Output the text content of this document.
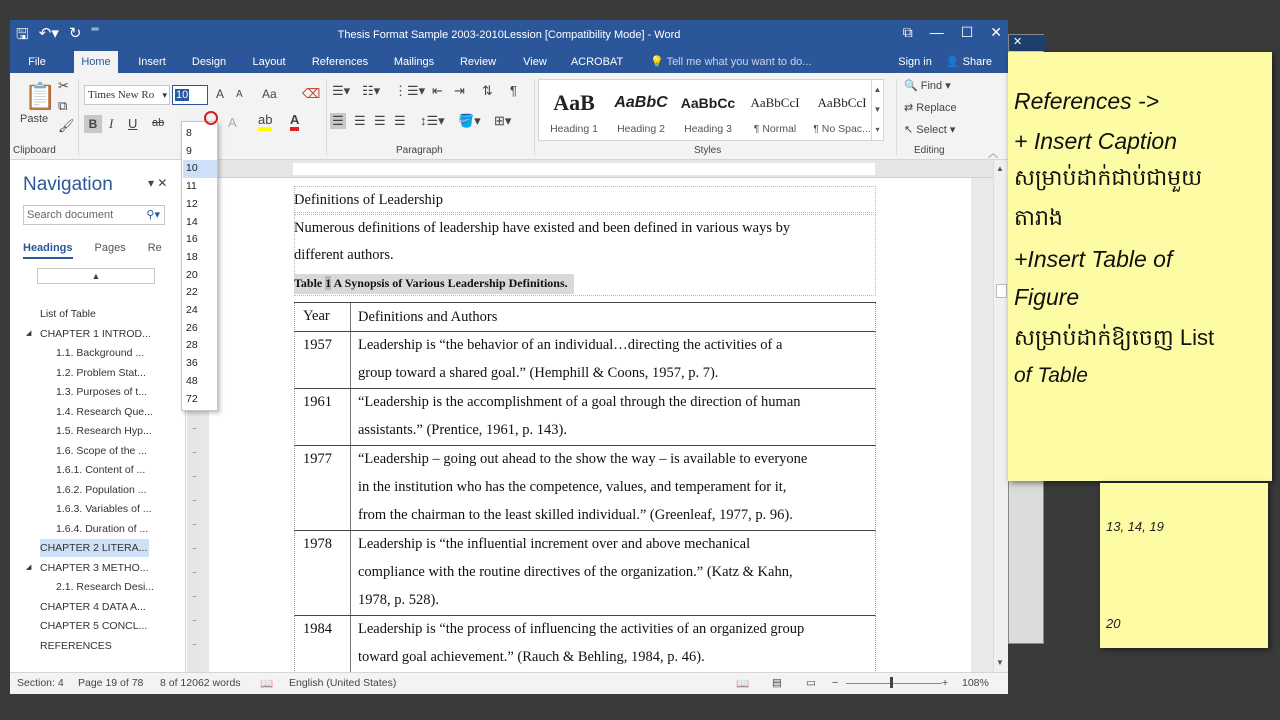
✕
🖫 ↶▾ ↻ ═	Thesis Format Sample 2003-2010Lession [Compatibility Mode] - Word	⧉ — ☐ ✕
File	Home	Insert	Design	Layout	References	Mailings	Review	View	ACROBAT	💡 Tell me what you want to do...	Sign in 👤 Share
📋
Paste
✂
⧉
🖌
Clipboard
Times New Ro ▾ 10	A A Aa ⌫
B I U ab	A ab A
☰▾ ☷▾ ⋮☰▾ ⇤ ⇥ ⇅ ¶
☰ ☰ ☰ ☰ ↕☰▾ 🪣▾ ⊞▾
Paragraph
AaB
Heading 1
AaBbC
Heading 2
AaBbCc
Heading 3
AaBbCcI
¶ Normal
AaBbCcI
¶ No Spac...
▲
▼
▾
Styles
🔍 Find ▾
⇄ Replace
↖ Select ▾
Editing	︿
Navigation	▾ ✕
Search document	⚲▾
Headings Pages Re
▲
List of Table
◢ CHAPTER 1 INTROD...
1.1. Background ...
1.2. Problem Stat...
1.3. Purposes of t...
1.4. Research Que...
1.5. Research Hyp...
1.6. Scope of the ...
1.6.1. Content of ...
1.6.2. Population ...
1.6.3. Variables of ...
1.6.4. Duration of ...
CHAPTER 2 LITERA...
◢ CHAPTER 3 METHO...
2.1. Research Desi...
CHAPTER 4 DATA A...
CHAPTER 5 CONCL...
REFERENCES
Definitions of Leadership
Numerous definitions of leadership have existed and been defined in various ways by
different authors.
Table 1 A Synopsis of Various Leadership Definitions.
Year Definitions and Authors
1957 Leadership is “the behavior of an individual…directing the activities of a
group toward a shared goal.” (Hemphill & Coons, 1957, p. 7).
1961 “Leadership is the accomplishment of a goal through the direction of human
assistants.” (Prentice, 1961, p. 143).
1977 “Leadership – going out ahead to the show the way – is available to everyone
in the institution who has the competence, values, and temperament for it,
from the chairman to the least skilled individual.” (Greenleaf, 1977, p. 96).
1978 Leadership is “the influential increment over and above mechanical
compliance with the routine directives of the organization.” (Katz & Kahn,
1978, p. 528).
1984 Leadership is “the process of influencing the activities of an organized group
toward goal achievement.” (Rauch & Behling, 1984, p. 46).
▲
▼
Section: 4 Page 19 of 78 8 of 12062 words 📖 English (United States)	📖 ▤ ▭ −	+ 108%
8
9
10
11
12
14
16
18
20
22
24
26
28
36
48
72
References ->
+ Insert Caption
សម្រាប់ដាក់ជាប់ជាមួយ
តារាង
+Insert Table of
Figure
សម្រាប់ដាក់ឱ្យចេញ List
of Table
13, 14, 19
20
